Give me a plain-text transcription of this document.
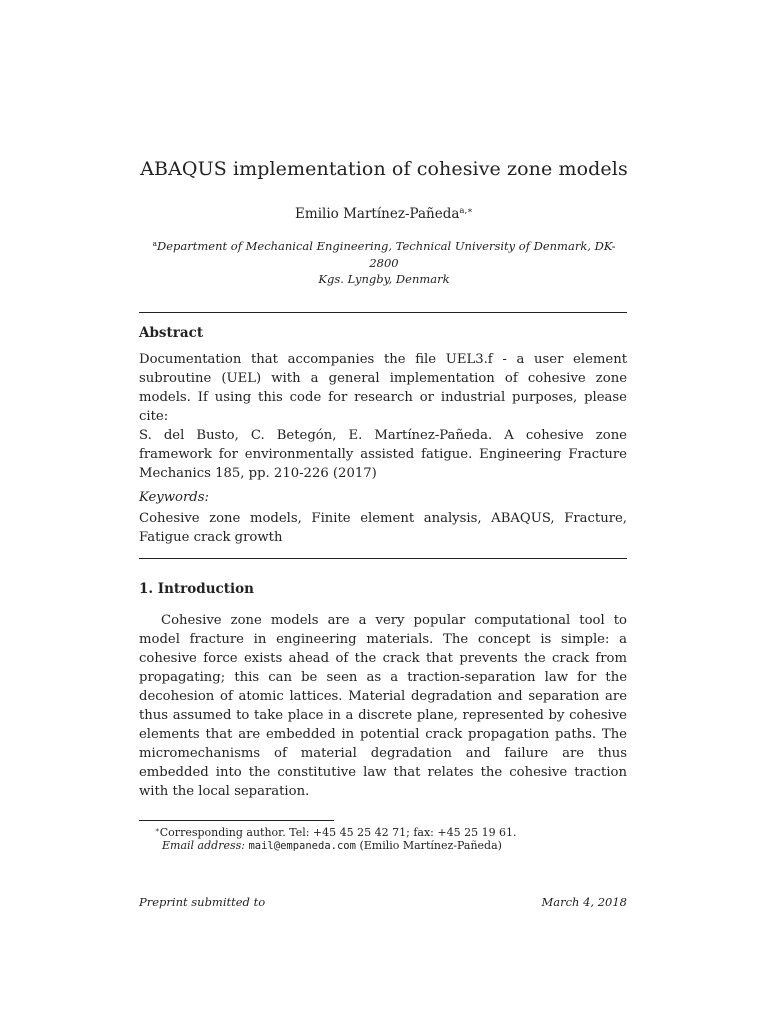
ABAQUS implementation of cohesive zone models
Emilio Martínez-Pañeda$^{a,∗}$
$^a$Department of Mechanical Engineering, Technical University of Denmark, DK-2800
Kgs. Lyngby, Denmark
Abstract
Documentation that accompanies the file UEL3.f - a user element subroutine (UEL) with a general implementation of cohesive zone models. If using this code for research or industrial purposes, please cite:
S. del Busto, C. Betegón, E. Martínez-Pañeda. A cohesive zone framework for environmentally assisted fatigue. Engineering Fracture Mechanics 185, pp. 210-226 (2017)
Keywords:
Cohesive zone models, Finite element analysis, ABAQUS, Fracture, Fatigue crack growth
1. Introduction
Cohesive zone models are a very popular computational tool to model fracture in engineering materials. The concept is simple: a cohesive force exists ahead of the crack that prevents the crack from propagating; this can be seen as a traction-separation law for the decohesion of atomic lattices. Material degradation and separation are thus assumed to take place in a discrete plane, represented by cohesive elements that are embedded in potential crack propagation paths. The micromechanisms of material degradation and failure are thus embedded into the constitutive law that relates the cohesive traction with the local separation.
∗Corresponding author. Tel: +45 45 25 42 71; fax: +45 25 19 61.
Email address: mail@empaneda.com (Emilio Martínez-Pañeda)
Preprint submitted to	March 4, 2018
